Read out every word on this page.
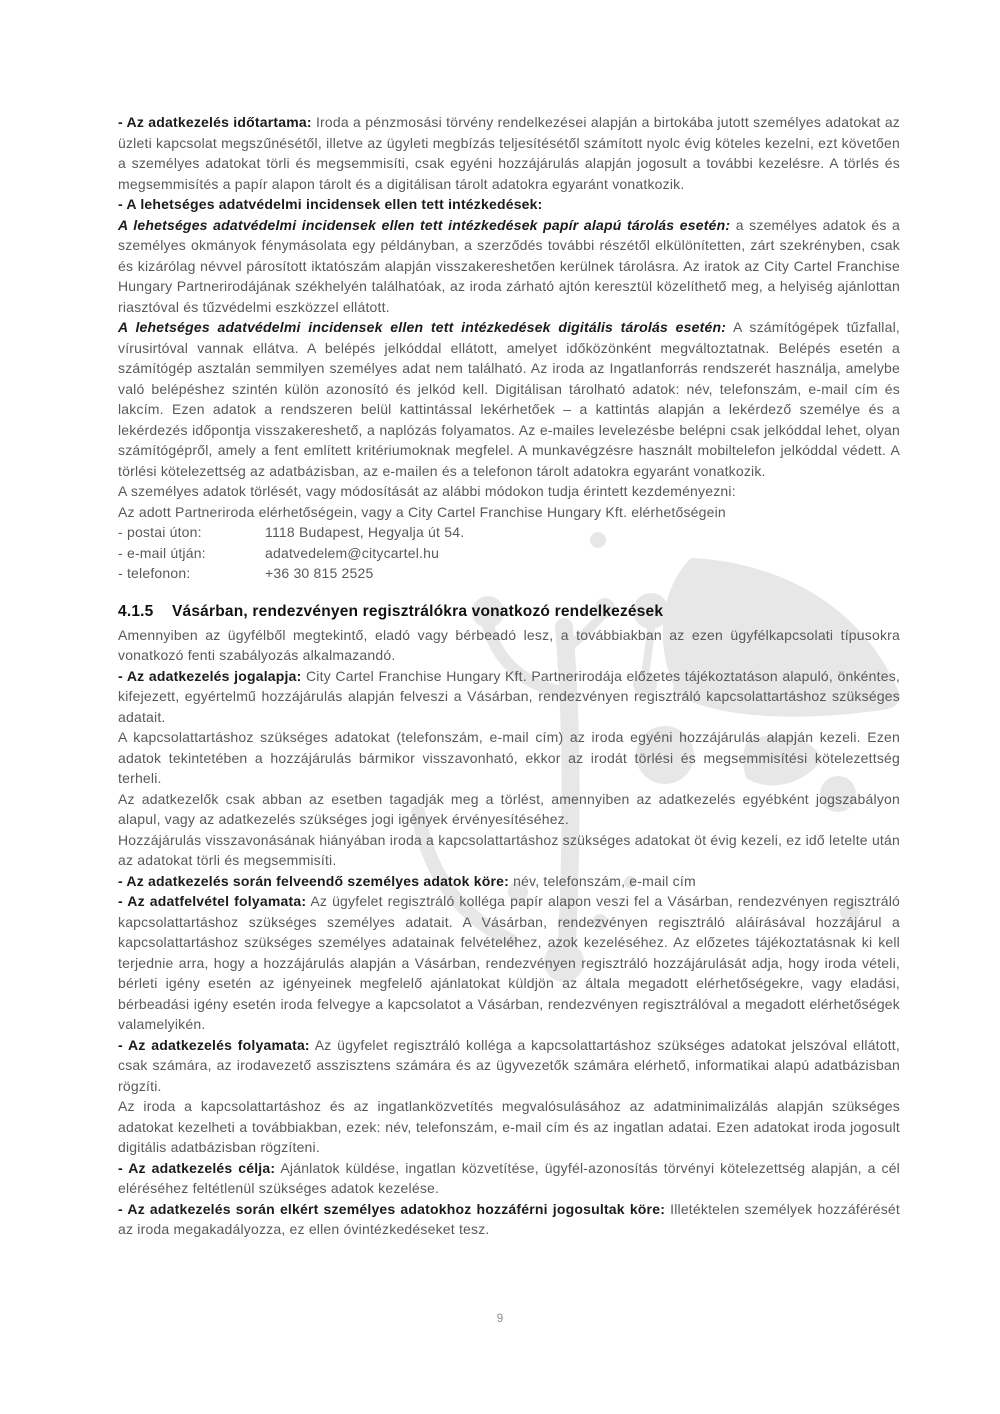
- Az adatkezelés időtartama: Iroda a pénzmosási törvény rendelkezései alapján a birtokába jutott személyes adatokat az üzleti kapcsolat megszűnésétől, illetve az ügyleti megbízás teljesítésétől számított nyolc évig köteles kezelni, ezt követően a személyes adatokat törli és megsemmisíti, csak egyéni hozzájárulás alapján jogosult a további kezelésre. A törlés és megsemmisítés a papír alapon tárolt és a digitálisan tárolt adatokra egyaránt vonatkozik.

- A lehetséges adatvédelmi incidensek ellen tett intézkedések:

A lehetséges adatvédelmi incidensek ellen tett intézkedések papír alapú tárolás esetén: a személyes adatok és a személyes okmányok fénymásolata egy példányban, a szerződés további részétől elkülönítetten, zárt szekrényben, csak és kizárólag névvel párosított iktatószám alapján visszakereshetően kerülnek tárolásra. Az iratok az City Cartel Franchise Hungary Partnerirodájának székhelyén találhatóak, az iroda zárható ajtón keresztül közelíthető meg, a helyiség ajánlottan riasztóval és tűzvédelmi eszközzel ellátott.

A lehetséges adatvédelmi incidensek ellen tett intézkedések digitális tárolás esetén: A számítógépek tűzfallal, vírusirtóval vannak ellátva. A belépés jelkóddal ellátott, amelyet időközönként megváltoztatnak. Belépés esetén a számítógép asztalán semmilyen személyes adat nem található. Az iroda az Ingatlanforrás rendszerét használja, amelybe való belépéshez szintén külön azonosító és jelkód kell. Digitálisan tárolható adatok: név, telefonszám, e-mail cím és lakcím. Ezen adatok a rendszeren belül kattintással lekérhetőek – a kattintás alapján a lekérdező személye és a lekérdezés időpontja visszakereshető, a naplózás folyamatos. Az e-mailes levelezésbe belépni csak jelkóddal lehet, olyan számítógépről, amely a fent említett kritériumoknak megfelel. A munkavégzésre használt mobiltelefon jelkóddal védett. A törlési kötelezettség az adatbázisban, az e-mailen és a telefonon tárolt adatokra egyaránt vonatkozik.

A személyes adatok törlését, vagy módosítását az alábbi módokon tudja érintett kezdeményezni:

Az adott Partneriroda elérhetőségein, vagy a City Cartel Franchise Hungary Kft. elérhetőségein

- postai úton:	1118 Budapest, Hegyalja út 54.
- e-mail útján:	adatvedelem@citycartel.hu
- telefonon:	+36 30 815 2525
4.1.5	Vásárban, rendezvényen regisztrálókra vonatkozó rendelkezések

Amennyiben az ügyfélből megtekintő, eladó vagy bérbeadó lesz, a továbbiakban az ezen ügyfélkapcsolati típusokra vonatkozó fenti szabályozás alkalmazandó.

- Az adatkezelés jogalapja: City Cartel Franchise Hungary Kft. Partnerirodája előzetes tájékoztatáson alapuló, önkéntes, kifejezett, egyértelmű hozzájárulás alapján felveszi a Vásárban, rendezvényen regisztráló kapcsolattartáshoz szükséges adatait.

A kapcsolattartáshoz szükséges adatokat (telefonszám, e-mail cím) az iroda egyéni hozzájárulás alapján kezeli. Ezen adatok tekintetében a hozzájárulás bármikor visszavonható, ekkor az irodát törlési és megsemmisítési kötelezettség terheli.

Az adatkezelők csak abban az esetben tagadják meg a törlést, amennyiben az adatkezelés egyébként jogszabályon alapul, vagy az adatkezelés szükséges jogi igények érvényesítéséhez.

Hozzájárulás visszavonásának hiányában iroda a kapcsolattartáshoz szükséges adatokat öt évig kezeli, ez idő letelte után az adatokat törli és megsemmisíti.

- Az adatkezelés során felveendő személyes adatok köre: név, telefonszám, e-mail cím

- Az adatfelvétel folyamata: Az ügyfelet regisztráló kolléga papír alapon veszi fel a Vásárban, rendezvényen regisztráló kapcsolattartáshoz szükséges személyes adatait. A Vásárban, rendezvényen regisztráló aláírásával hozzájárul a kapcsolattartáshoz szükséges személyes adatainak felvételéhez, azok kezeléséhez. Az előzetes tájékoztatásnak ki kell terjednie arra, hogy a hozzájárulás alapján a Vásárban, rendezvényen regisztráló hozzájárulását adja, hogy iroda vételi, bérleti igény esetén az igényeinek megfelelő ajánlatokat küldjön az általa megadott elérhetőségekre, vagy eladási, bérbeadási igény esetén iroda felvegye a kapcsolatot a Vásárban, rendezvényen regisztrálóval a megadott elérhetőségek valamelyikén.

- Az adatkezelés folyamata: Az ügyfelet regisztráló kolléga a kapcsolattartáshoz szükséges adatokat jelszóval ellátott, csak számára, az irodavezető asszisztens számára és az ügyvezetők számára elérhető, informatikai alapú adatbázisban rögzíti.

Az iroda a kapcsolattartáshoz és az ingatlanközvetítés megvalósulásához az adatminimalizálás alapján szükséges adatokat kezelheti a továbbiakban, ezek: név, telefonszám, e-mail cím és az ingatlan adatai. Ezen adatokat iroda jogosult digitális adatbázisban rögzíteni.

- Az adatkezelés célja: Ajánlatok küldése, ingatlan közvetítése, ügyfél-azonosítás törvényi kötelezettség alapján, a cél eléréséhez feltétlenül szükséges adatok kezelése.

- Az adatkezelés során elkért személyes adatokhoz hozzáférni jogosultak köre: Illetéktelen személyek hozzáférését az iroda megakadályozza, ez ellen óvintézkedéseket tesz.

9
